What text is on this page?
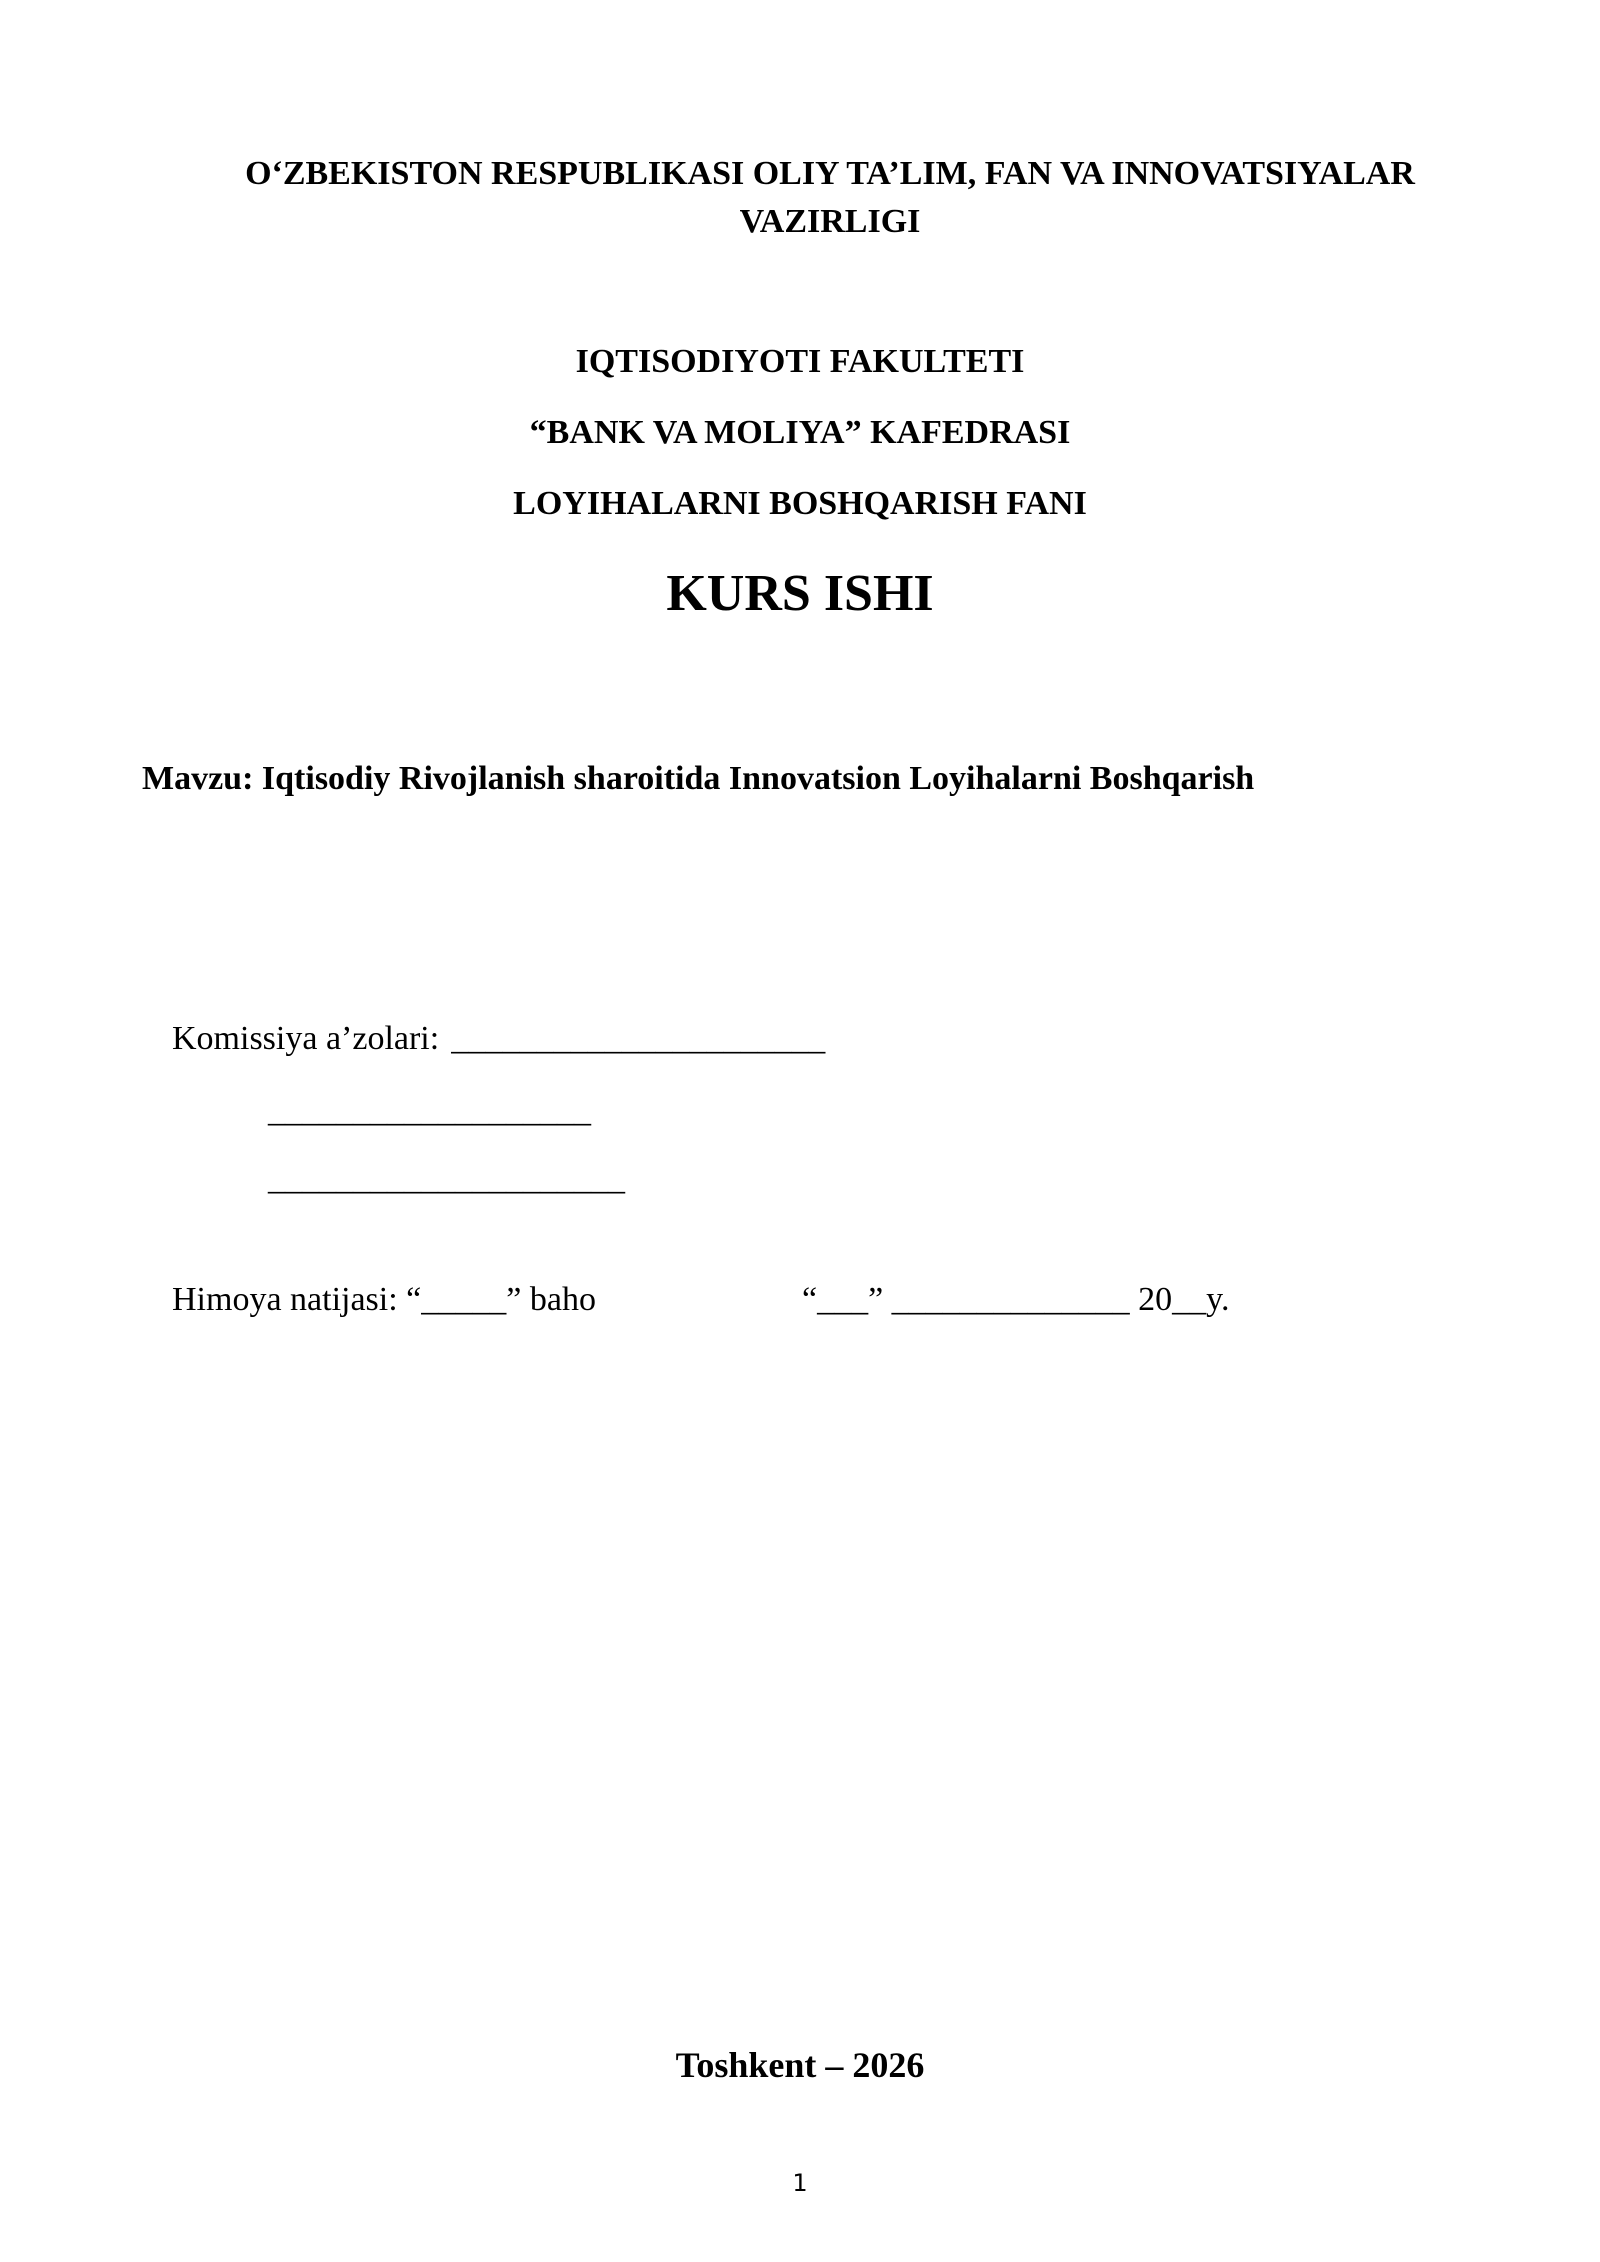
O‘ZBEKISTON RESPUBLIKASI OLIY TA’LIM, FAN VA INNOVATSIYALAR VAZIRLIGI
IQTISODIYOTI FAKULTETI
“BANK VA MOLIYA” KAFEDRASI
LOYIHALARNI BOSHQARISH FANI
KURS ISHI
Mavzu: Iqtisodiy Rivojlanish sharoitida Innovatsion Loyihalarni Boshqarish
Komissiya a’zolari: ______________________
___________________
_____________________
Himoya natijasi: “_____” baho	“___” ______________ 20__y.
Toshkent – 2026
1
